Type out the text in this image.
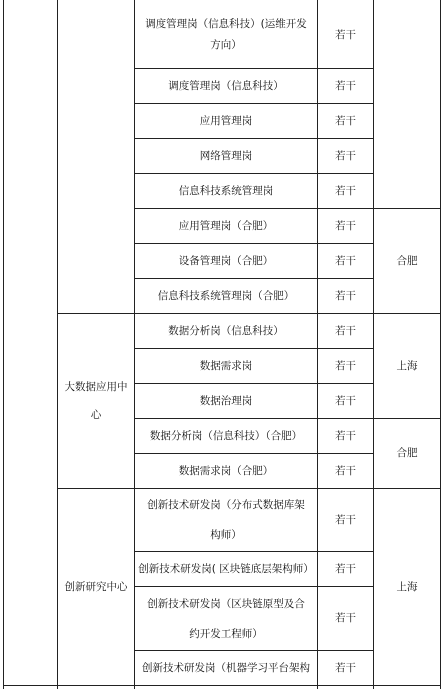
调度管理岗（信息科技）(运维开发方向）
调度管理岗（信息科技）
应用管理岗
网络管理岗
信息科技系统管理岗
应用管理岗（合肥）
设备管理岗（合肥）
信息科技系统管理岗（合肥）
数据分析岗（信息科技）
数据需求岗
数据治理岗
数据分析岗（信息科技）（合肥）
数据需求岗（合肥）
创新技术研发岗（分布式数据库架构师）
创新技术研发岗( 区块链底层架构师）
创新技术研发岗（区块链原型及合约开发工程师）
创新技术研发岗（机器学习平台架构
若干
若干
若干
若干
若干
若干
若干
若干
若干
若干
若干
若干
若干
若干
若干
若干
若干
大数据应用中心
创新研究中心
合肥
上海
合肥
上海
